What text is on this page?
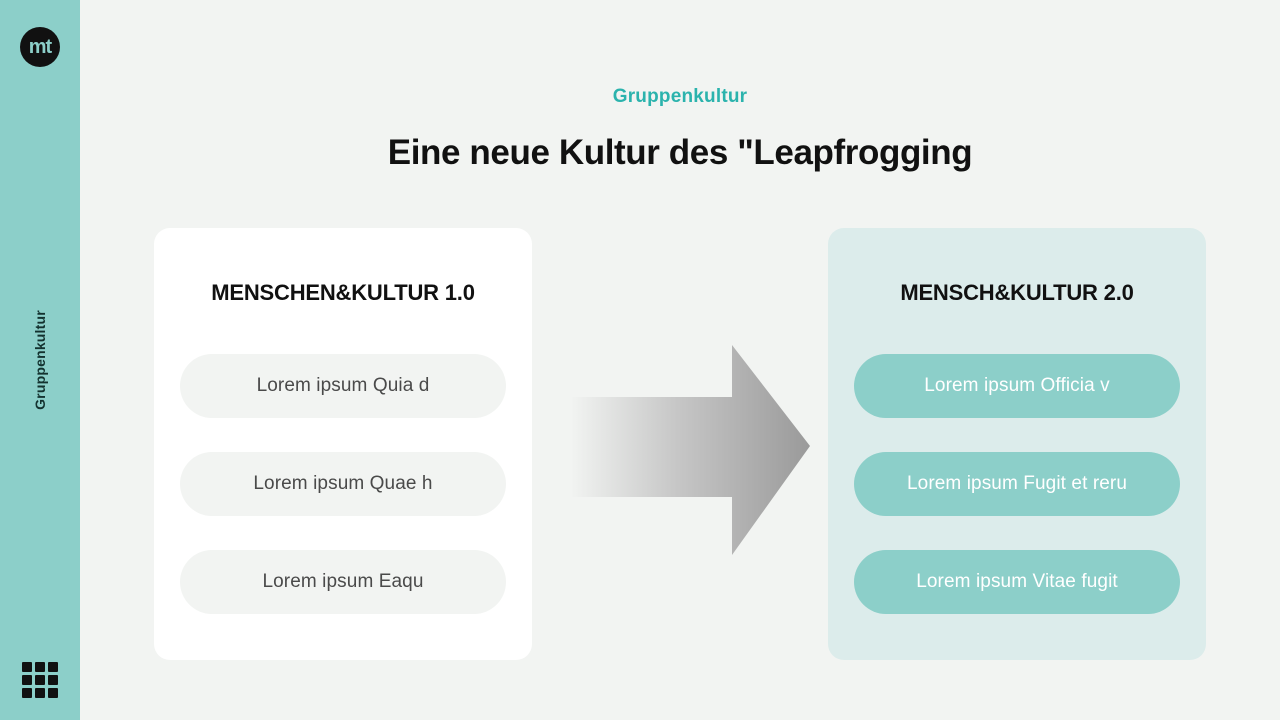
mt
Gruppenkultur
Gruppenkultur
Eine neue Kultur des "Leapfrogging
MENSCHEN&KULTUR 1.0
Lorem ipsum Quia d
Lorem ipsum Quae h
Lorem ipsum Eaqu
MENSCH&KULTUR 2.0
Lorem ipsum Officia v
Lorem ipsum Fugit et reru
Lorem ipsum Vitae fugit
